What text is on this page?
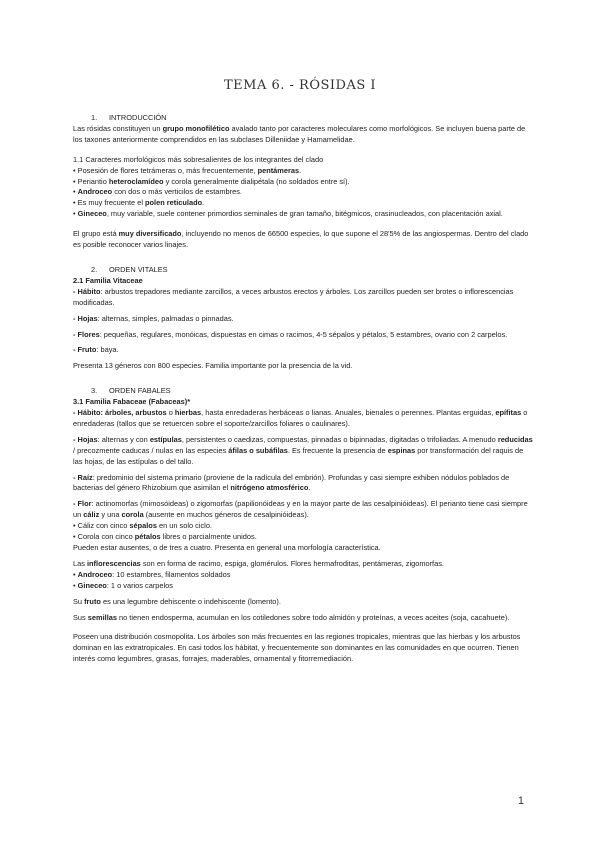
TEMA 6. - RÓSIDAS I

1. INTRODUCCIÓN

Las rósidas constituyen un grupo monofilético avalado tanto por caracteres moleculares como morfológicos. Se incluyen buena parte de los taxones anteriormente comprendidos en las subclases Dilleniidae y Hamamelidae.

1.1 Caracteres morfológicos más sobresalientes de los integrantes del clado

• Posesión de flores tetrámeras o, más frecuentemente, pentámeras.

• Periantio heteroclamídeo y corola generalmente dialipétala (no soldados entre sí).

• Androceo con dos o más verticilos de estambres.

• Es muy frecuente el polen reticulado.

• Gineceo, muy variable, suele contener primordios seminales de gran tamaño, bitégmicos, crasinucleados, con placentación axial.

El grupo está muy diversificado, incluyendo no menos de 66500 especies, lo que supone el 28'5% de las angiospermas. Dentro del clado es posible reconocer varios linajes.

2. ORDEN VITALES

2.1 Familia Vitaceae

- Hábito: arbustos trepadores mediante zarcillos, a veces arbustos erectos y árboles. Los zarcillos pueden ser brotes o inflorescencias modificadas.

- Hojas: alternas, simples, palmadas o pinnadas.

- Flores: pequeñas, regulares, monóicas, dispuestas en cimas o racimos, 4-5 sépalos y pétalos, 5 estambres, ovario con 2 carpelos.

- Fruto: baya.

Presenta 13 géneros con 800 especies. Familia importante por la presencia de la vid.

3. ORDEN FABALES

3.1 Familia Fabaceae (Fabaceas)*

- Hábito: árboles, arbustos o hierbas, hasta enredaderas herbáceas o lianas. Anuales, bienales o perennes. Plantas erguidas, epífitas o enredaderas (tallos que se retuercen sobre el soporte/zarcillos foliares o caulinares).

- Hojas: alternas y con estípulas, persistentes o caedizas, compuestas, pinnadas o bipinnadas, digitadas o trifoliadas. A menudo reducidas / precozmente caducas / nulas en las especies áfilas o subáfilas. Es frecuente la presencia de espinas por transformación del raquis de las hojas, de las estípulas o del tallo.

- Raíz: predominio del sistema primario (proviene de la radícula del embrión). Profundas y casi siempre exhiben nódulos poblados de bacterias del género Rhizobium que asimilan el nitrógeno atmosférico.

- Flor: actinomorfas (mimosóideas) o zigomorfas (papilionóideas y en la mayor parte de las cesalpinióideas). El perianto tiene casi siempre un cáliz y una corola (ausente en muchos géneros de cesalpinióideas).

• Cáliz con cinco sépalos en un solo ciclo.

• Corola con cinco pétalos libres o parcialmente unidos.

Pueden estar ausentes, o de tres a cuatro. Presenta en general una morfología característica.

Las inflorescencias son en forma de racimo, espiga, glomérulos. Flores hermafroditas, pentámeras, zigomorfas.

• Androceo: 10 estambres, filamentos soldados

• Gineceo: 1 o varios carpelos

Su fruto es una legumbre dehiscente o indehiscente (lomento).

Sus semillas no tienen endosperma, acumulan en los cotiledones sobre todo almidón y proteínas, a veces aceites (soja, cacahuete).

Poseen una distribución cosmopolita. Los árboles son más frecuentes en las regiones tropicales, mientras que las hierbas y los arbustos dominan en las extratropicales. En casi todos los hábitat, y frecuentemente son dominantes en las comunidades en que ocurren. Tienen interés como legumbres, grasas, forrajes, maderables, ornamental y fitorremediación.

1
